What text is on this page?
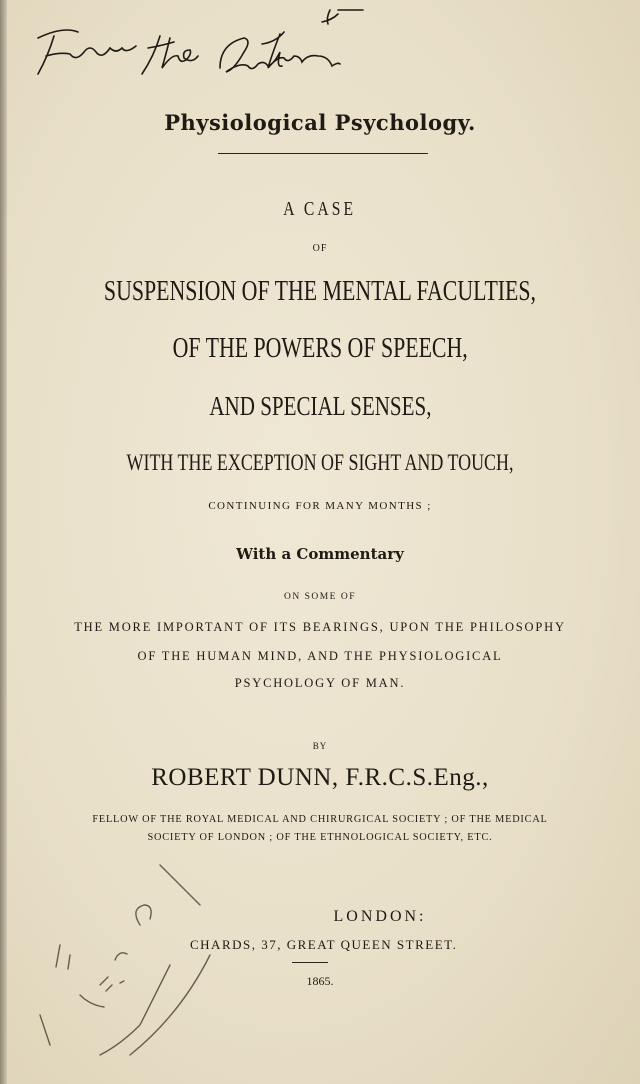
Physiological Psychology.
A CASE
OF
SUSPENSION OF THE MENTAL FACULTIES,
OF THE POWERS OF SPEECH,
AND SPECIAL SENSES,
WITH THE EXCEPTION OF SIGHT AND TOUCH,
CONTINUING FOR MANY MONTHS ;
With a Commentary
ON SOME OF
THE MORE IMPORTANT OF ITS BEARINGS, UPON THE PHILOSOPHY
OF THE HUMAN MIND, AND THE PHYSIOLOGICAL
PSYCHOLOGY OF MAN.
BY
ROBERT DUNN, F.R.C.S.Eng.,
FELLOW OF THE ROYAL MEDICAL AND CHIRURGICAL SOCIETY ; OF THE MEDICAL
SOCIETY OF LONDON ; OF THE ETHNOLOGICAL SOCIETY, ETC.
LONDON:
CHARDS, 37, GREAT QUEEN STREET.
1865.
